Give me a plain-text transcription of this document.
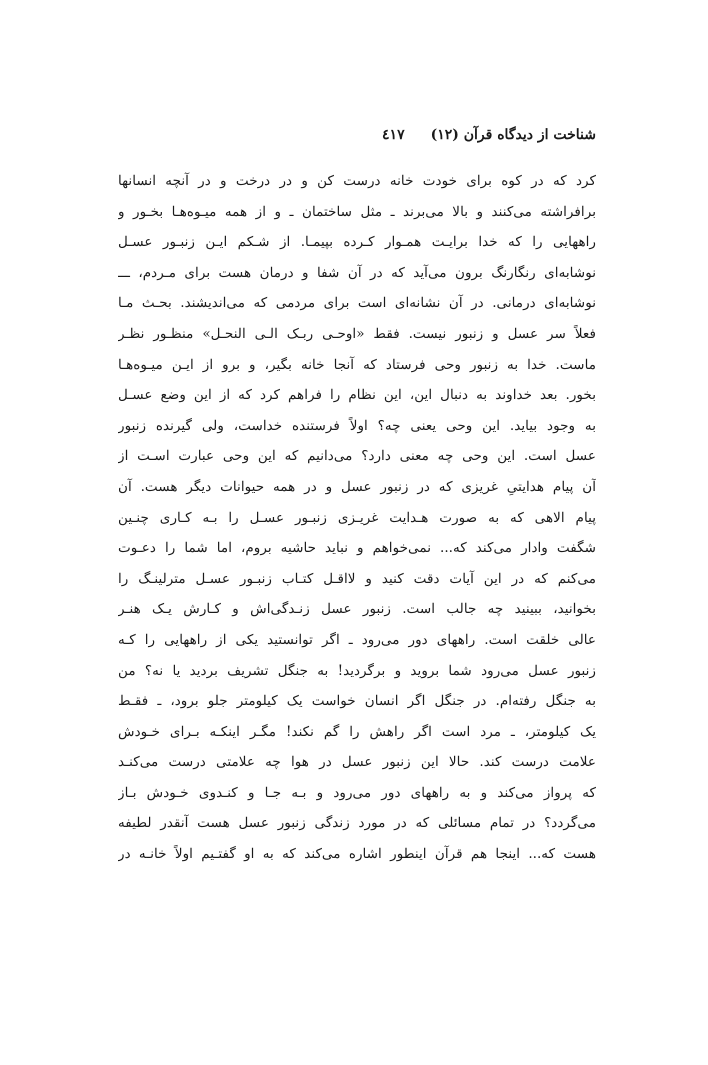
شناخت از دیدگاه قرآن (١٢)
٤١٧
کرد که در کوه برای خودت خانه درست کن و در درخت و در آنچه انسانها
برافراشته می‌کنند و بالا می‌برند ـ مثل ساختمان ـ و از همه میـوه‌هـا بخـور و
راههایی را که خدا برایـت همـوار کـرده بپیمـا. از شـکم ایـن زنبـور عسـل
نوشابه‌ای رنگارنگ برون می‌آید که در آن شفا و درمان هست برای مـردم، ـــ
نوشابه‌ای درمانی. در آن نشانه‌ای است برای مردمی که می‌اندیشند. بحـث مـا
فعلاً سر عسل و زنبور نیست. فقط «اوحـی ربـک الـی النحـل» منظـور نظـر
ماست. خدا به زنبور وحی فرستاد که آنجا خانه بگیر، و برو از ایـن میـوه‌هـا
بخور. بعد خداوند به دنبال این، این نظام را فراهم کرد که از این وضع عسـل
به وجود بیاید. این وحی یعنی چه؟ اولاً فرستنده خداست، ولی گیرنده زنبور
عسل است. این وحی چه معنی دارد؟ می‌دانیم که این وحی عبارت اسـت از
آن پیام هدایتیِ غریزی که در زنبور عسل و در همه حیوانات دیگر هست. آن
پیام الاهی که به صورت هـدایت غریـزی زنبـور عسـل را بـه کـاری چنـین
شگفت وادار می‌کند که... نمی‌خواهم و نباید حاشیه بروم، اما شما را دعـوت
می‌کنم که در این آیات دقت کنید و لااقـل کتـاب زنبـور عسـل مترلینـگ را
بخوانید، ببینید چه جالب است. زنبور عسل زنـدگی‌اش و کـارش یـک هنـر
عالی خلقت است. راههای دور می‌رود ـ اگر توانستید یکی از راههایی را کـه
زنبور عسل می‌رود شما بروید و برگردید! به جنگل تشریف بردید یا نه؟ من
به جنگل رفته‌ام. در جنگل اگر انسان خواست یک کیلومتر جلو برود، ـ فقـط
یک کیلومتر، ـ مرد است اگر راهش را گم نکند! مگـر اینکـه بـرای خـودش
علامت درست کند. حالا این زنبور عسل در هوا چه علامتی درست می‌کنـد
که پرواز می‌کند و به راههای دور می‌رود و بـه جـا و کنـدوی خـودش بـاز
می‌گردد؟ در تمام مسائلی که در مورد زندگی زنبور عسل هست آنقدر لطیفه
هست که... اینجا هم قرآن اینطور اشاره می‌کند که به او گفتـیم اولاً خانـه در
